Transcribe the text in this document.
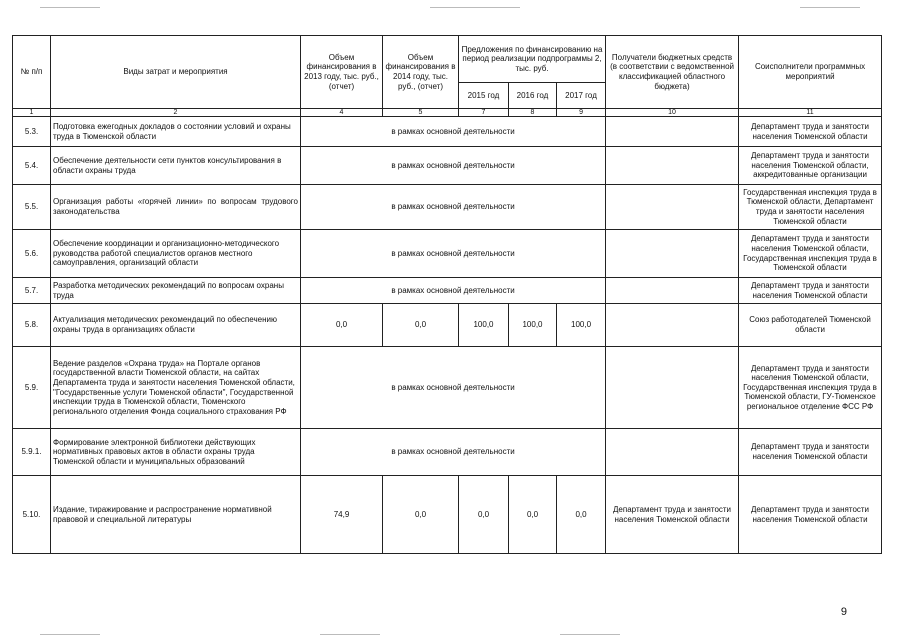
№ п/п	Виды затрат и мероприятия	Объем финансирования в 2013 году, тыс. руб., (отчет)	Объем финансирования в 2014 году, тыс. руб., (отчет)	Предложения по финансированию на период реализации подпрограммы 2, тыс. руб.			Получатели бюджетных средств (в соответствии с ведомственной классификацией областного бюджета)	Соисполнители программных мероприятий
				2015 год	2016 год	2017 год		
1	2	4	5	7	8	9	10	11
5.3.	Подготовка ежегодных докладов о состоянии условий и охраны труда в Тюменской области	в рамках основной деятельности						Департамент труда и занятости населения Тюменской области
5.4.	Обеспечение деятельности сети пунктов консультирования в области охраны труда	в рамках основной деятельности						Департамент труда и занятости населения Тюменской области, аккредитованные организации
5.5.	Организация работы «горячей линии» по вопросам трудового законодательства	в рамках основной деятельности						Государственная инспекция труда в Тюменской области, Департамент труда и занятости населения Тюменской области
5.6.	Обеспечение координации и организационно-методического руководства работой специалистов органов местного самоуправления, организаций области	в рамках основной деятельности						Департамент труда и занятости населения Тюменской области, Государственная инспекция труда в Тюменской области
5.7.	Разработка методических рекомендаций по вопросам охраны труда	в рамках основной деятельности						Департамент труда и занятости населения Тюменской области
5.8.	Актуализация методических рекомендаций по обеспечению охраны труда в организациях области	0,0	0,0	100,0	100,0	100,0		Союз работодателей Тюменской области
5.9.	Ведение разделов «Охрана труда» на Портале органов государственной власти Тюменской области, на сайтах Департамента труда и занятости населения Тюменской области, "Государственные услуги Тюменской области", Государственной инспекции труда в Тюменской области, Тюменского регионального отделения Фонда социального страхования РФ	в рамках основной деятельности						Департамент труда и занятости населения Тюменской области, Государственная инспекция труда в Тюменской области, ГУ-Тюменское региональное отделение ФСС РФ
5.9.1.	Формирование электронной библиотеки действующих нормативных правовых актов в области охраны труда Тюменской области и муниципальных образований	в рамках основной деятельности						Департамент труда и занятости населения Тюменской области
5.10.	Издание, тиражирование и распространение нормативной правовой и специальной литературы	74,9	0,0	0,0	0,0	0,0	Департамент труда и занятости населения Тюменской области	Департамент труда и занятости населения Тюменской области
9
